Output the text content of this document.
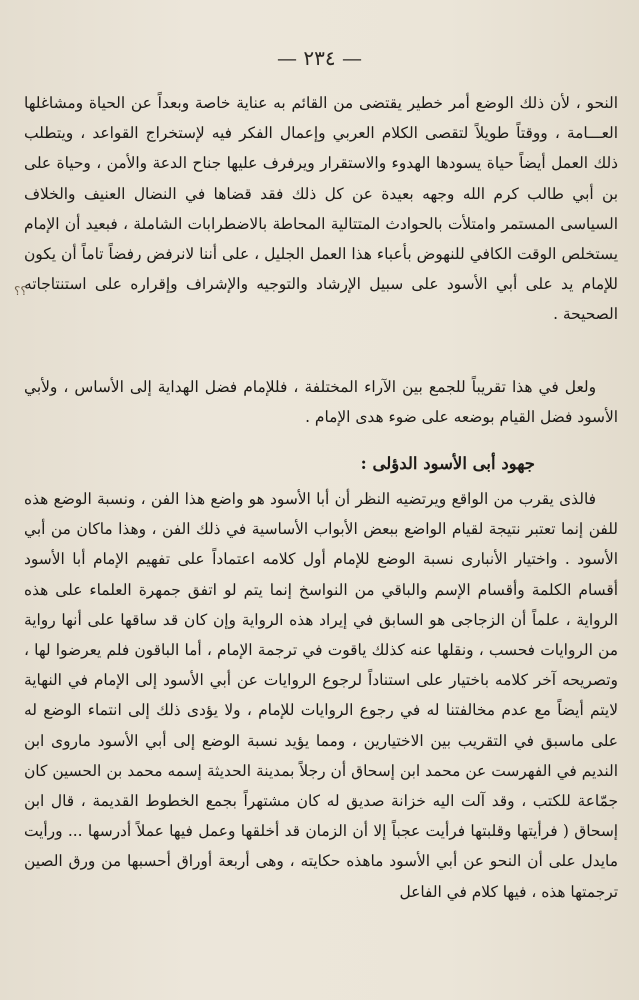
— ٢٣٤ —
النحو ، لأن ذلك الوضع أمر خطير يقتضى من القائم به عناية خاصة وبعداً عن الحياة ومشاغلها العـــامة ، ووقتاً طويلاً لتقصى الكلام العربي وإعمال الفكر فيه لإستخراج القواعد ، ويتطلب ذلك العمل أيضاً حياة يسودها الهدوء والاستقرار ويرفرف عليها جناح الدعة والأمن ، وحياة على بن أبي طالب كرم الله وجهه بعيدة عن كل ذلك فقد قضاها في النضال العنيف والخلاف السياسى المستمر وامتلأت بالحوادث المتتالية المحاطة بالاضطرابات الشاملة ، فبعيد أن الإمام يستخلص الوقت الكافي للنهوض بأعباء هذا العمل الجليل ، على أننا لانرفض رفضاً تاماً أن يكون للإمام يد على أبي الأسود على سبيل الإرشاد والتوجيه والإشراف وإقراره على استنتاجاته الصحيحة .
؟؟
ولعل في هذا تقريباً للجمع بين الآراء المختلفة ، فللإمام فضل الهداية إلى الأساس ، ولأبي الأسود فضل القيام بوضعه على ضوء هدى الإمام .
جهود أبى الأسود الدؤلى :
فالذى يقرب من الواقع ويرتضيه النظر أن أبا الأسود هو واضع هذا الفن ، ونسبة الوضع هذه للفن إنما تعتبر نتيجة لقيام الواضع ببعض الأبواب الأساسية في ذلك الفن ، وهذا ماكان من أبي الأسود . واختيار الأنبارى نسبة الوضع للإمام أول كلامه اعتماداً على تفهيم الإمام أبا الأسود أقسام الكلمة وأقسام الإسم والباقي من النواسخ إنما يتم لو اتفق جمهرة العلماء على هذه الرواية ، علماً أن الزجاجى هو السابق في إيراد هذه الرواية وإن كان قد ساقها على أنها رواية من الروايات فحسب ، ونقلها عنه كذلك ياقوت في ترجمة الإمام ، أما الباقون فلم يعرضوا لها ، وتصريحه آخر كلامه باختيار على استناداً لرجوع الروايات عن أبي الأسود إلى الإمام في النهاية لايتم أيضاً مع عدم مخالفتنا له في رجوع الروايات للإمام ، ولا يؤدى ذلك إلى انتماء الوضع له على ماسبق في التقريب بين الاختيارين ، ومما يؤيد نسبة الوضع إلى أبي الأسود ماروى ابن النديم في الفهرست عن محمد ابن إسحاق أن رجلاً بمدينة الحديثة إسمه محمد بن الحسين كان جمّاعة للكتب ، وقد آلت اليه خزانة صديق له كان مشتهراً بجمع الخطوط القديمة ، قال ابن إسحاق ( فرأيتها وقلبتها فرأيت عجباً إلا أن الزمان قد أخلقها وعمل فيها عملاً أدرسها ... ورأيت مايدل على أن النحو عن أبي الأسود ماهذه حكايته ، وهى أربعة أوراق أحسبها من ورق الصين ترجمتها هذه ، فيها كلام في الفاعل
